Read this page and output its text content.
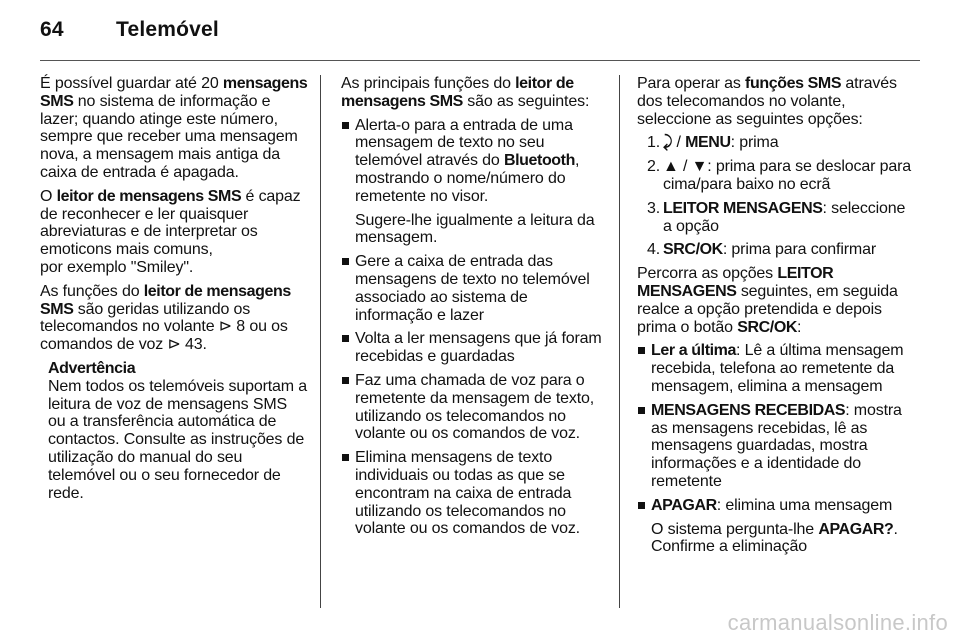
64 Telemóvel

É possível guardar até 20 mensagens SMS no sistema de informação e lazer; quando atinge este número, sempre que receber uma mensagem nova, a mensagem mais antiga da caixa de entrada é apagada.

O leitor de mensagens SMS é capaz de reconhecer e ler quaisquer abreviaturas e de interpretar os emoticons mais comuns,
por exemplo "Smiley".

As funções do leitor de mensagens SMS são geridas utilizando os telecomandos no volante ⊳ 8 ou os comandos de voz ⊳ 43.

Advertência
Nem todos os telemóveis suportam a leitura de voz de mensagens SMS ou a transferência automática de contactos. Consulte as instruções de utilização do manual do seu telemóvel ou o seu fornecedor de rede.

As principais funções do leitor de mensagens SMS são as seguintes:

Alerta-o para a entrada de uma mensagem de texto no seu telemóvel através do Bluetooth, mostrando o nome/número do remetente no visor.
Sugere-lhe igualmente a leitura da mensagem.
Gere a caixa de entrada das mensagens de texto no telemóvel associado ao sistema de informação e lazer
Volta a ler mensagens que já foram recebidas e guardadas
Faz uma chamada de voz para o remetente da mensagem de texto, utilizando os telecomandos no volante ou os comandos de voz.
Elimina mensagens de texto individuais ou todas as que se encontram na caixa de entrada utilizando os telecomandos no volante ou os comandos de voz.

Para operar as funções SMS através dos telecomandos no volante, seleccione as seguintes opções:

1. ⤸ / MENU: prima
2. ▲ / ▼: prima para se deslocar para cima/para baixo no ecrã
3. LEITOR MENSAGENS: seleccione a opção
4. SRC/OK: prima para confirmar

Percorra as opções LEITOR MENSAGENS seguintes, em seguida realce a opção pretendida e depois prima o botão SRC/OK:

Ler a última: Lê a última mensagem recebida, telefona ao remetente da mensagem, elimina a mensagem
MENSAGENS RECEBIDAS: mostra as mensagens recebidas, lê as mensagens guardadas, mostra informações e a identidade do remetente
APAGAR: elimina uma mensagem
O sistema pergunta-lhe APAGAR?. Confirme a eliminação
carmanualsonline.info
